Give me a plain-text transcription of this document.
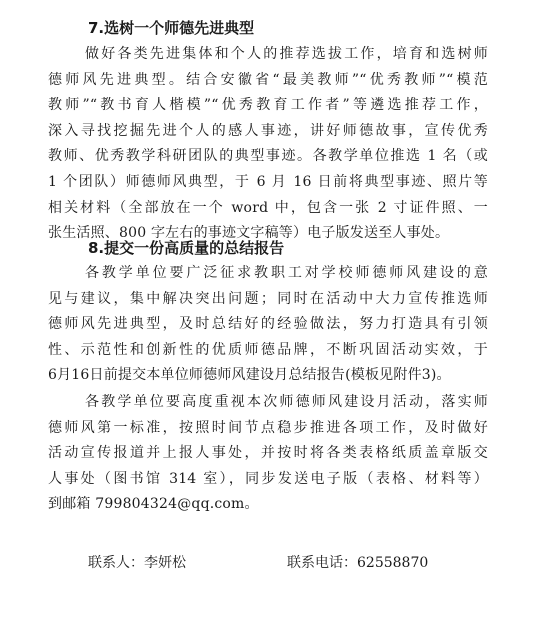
7.选树一个师德先进典型

做好各类先进集体和个人的推荐选拔工作，培育和选树师
德师风先进典型。结合安徽省“最美教师”“优秀教师”“模范
教师”“教书育人楷模”“优秀教育工作者”等遴选推荐工作，
深入寻找挖掘先进个人的感人事迹，讲好师德故事，宣传优秀
教师、优秀教学科研团队的典型事迹。各教学单位推选 1 名（或
1 个团队）师德师风典型，于 6 月 16 日前将典型事迹、照片等
相关材料（全部放在一个 word 中，包含一张 2 寸证件照、一
张生活照、800 字左右的事迹文字稿等）电子版发送至人事处。

8.提交一份高质量的总结报告

各教学单位要广泛征求教职工对学校师德师风建设的意
见与建议，集中解决突出问题；同时在活动中大力宣传推选师
德师风先进典型，及时总结好的经验做法，努力打造具有引领
性、示范性和创新性的优质师德品牌，不断巩固活动实效，于
6月16日前提交本单位师德师风建设月总结报告(模板见附件3)。

各教学单位要高度重视本次师德师风建设月活动，落实师
德师风第一标准，按照时间节点稳步推进各项工作，及时做好
活动宣传报道并上报人事处，并按时将各类表格纸质盖章版交
人事处（图书馆 314 室），同步发送电子版（表格、材料等）
到邮箱 799804324@qq.com。

联系人：李妍松	联系电话：62558870
